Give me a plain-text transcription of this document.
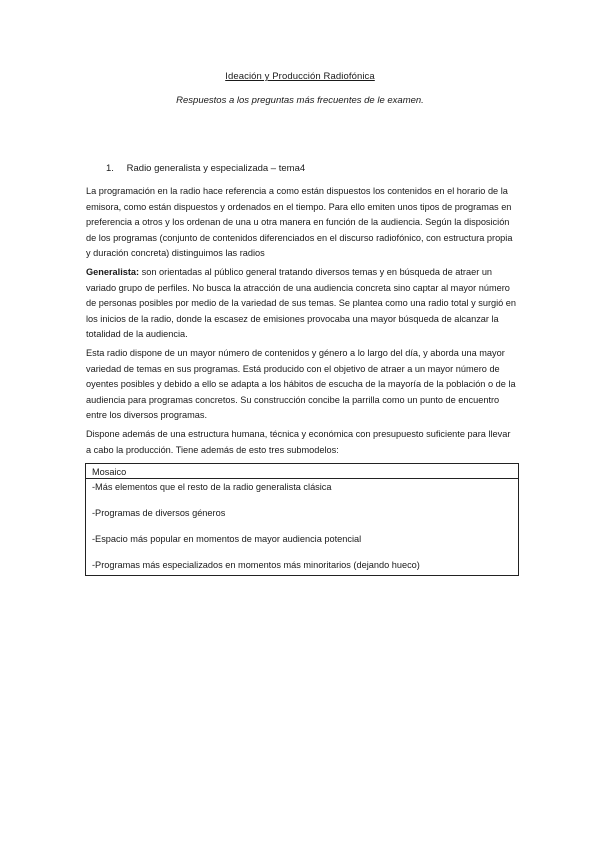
Ideación y Producción Radiofónica
Respuestos a los preguntas más frecuentes de le examen.
1. Radio generalista y especializada – tema4

La programación en la radio hace referencia a como están dispuestos los contenidos en el horario de la emisora, como están dispuestos y ordenados en el tiempo. Para ello emiten unos tipos de programas en preferencia a otros y los ordenan de una u otra manera en función de la audiencia. Según la disposición de los programas (conjunto de contenidos diferenciados en el discurso radiofónico, con estructura propia y duración concreta) distinguimos las radios

Generalista: son orientadas al público general tratando diversos temas y en búsqueda de atraer un variado grupo de perfiles. No busca la atracción de una audiencia concreta sino captar al mayor número de personas posibles por medio de la variedad de sus temas. Se plantea como una radio total y surgió en los inicios de la radio, donde la escasez de emisiones provocaba una mayor búsqueda de alcanzar la totalidad de la audiencia.

Esta radio dispone de un mayor número de contenidos y género a lo largo del día, y aborda una mayor variedad de temas en sus programas. Está producido con el objetivo de atraer a un mayor número de oyentes posibles y debido a ello se adapta a los hábitos de escucha de la mayoría de la población o de la audiencia para programas concretos. Su construcción concibe la parrilla como un punto de encuentro entre los diversos programas.

Dispone además de una estructura humana, técnica y económica con presupuesto suficiente para llevar a cabo la producción. Tiene además de esto tres submodelos:

Mosaico

-Más elementos que el resto de la radio generalista clásica

-Programas de diversos géneros

-Espacio más popular en momentos de mayor audiencia potencial

-Programas más especializados en momentos más minoritarios (dejando hueco)
